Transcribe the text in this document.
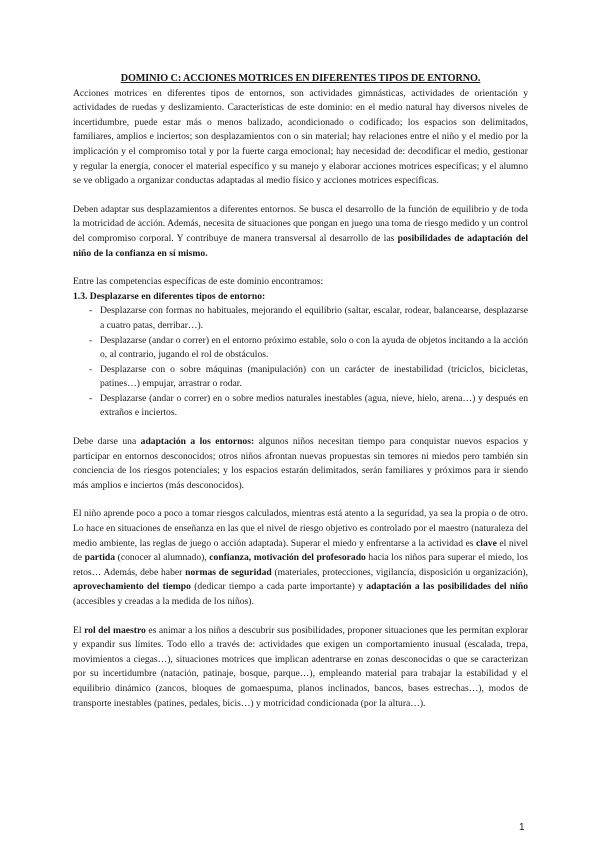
DOMINIO C: ACCIONES MOTRICES EN DIFERENTES TIPOS DE ENTORNO.

Acciones motrices en diferentes tipos de entornos, son actividades gimnásticas, actividades de orientación y actividades de ruedas y deslizamiento. Características de este dominio: en el medio natural hay diversos niveles de incertidumbre, puede estar más o menos balizado, acondicionado o codificado; los espacios son delimitados, familiares, amplios e inciertos; son desplazamientos con o sin material; hay relaciones entre el niño y el medio por la implicación y el compromiso total y por la fuerte carga emocional; hay necesidad de: decodificar el medio, gestionar y regular la energía, conocer el material específico y su manejo y elaborar acciones motrices específicas; y el alumno se ve obligado a organizar conductas adaptadas al medio físico y acciones motrices específicas.

Deben adaptar sus desplazamientos a diferentes entornos. Se busca el desarrollo de la función de equilibrio y de toda la motricidad de acción. Además, necesita de situaciones que pongan en juego una toma de riesgo medido y un control del compromiso corporal. Y contribuye de manera transversal al desarrollo de las posibilidades de adaptación del niño de la confianza en sí mismo.

Entre las competencias específicas de este dominio encontramos:

1.3. Desplazarse en diferentes tipos de entorno:
- Desplazarse con formas no habituales, mejorando el equilibrio (saltar, escalar, rodear, balancearse, desplazarse a cuatro patas, derribar…).
- Desplazarse (andar o correr) en el entorno próximo estable, solo o con la ayuda de objetos incitando a la acción o, al contrario, jugando el rol de obstáculos.
- Desplazarse con o sobre máquinas (manipulación) con un carácter de inestabilidad (triciclos, bicicletas, patines…) empujar, arrastrar o rodar.
- Desplazarse (andar o correr) en o sobre medios naturales inestables (agua, nieve, hielo, arena…) y después en extraños e inciertos.

Debe darse una adaptación a los entornos: algunos niños necesitan tiempo para conquistar nuevos espacios y participar en entornos desconocidos; otros niños afrontan nuevas propuestas sin temores ni miedos pero también sin conciencia de los riesgos potenciales; y los espacios estarán delimitados, serán familiares y próximos para ir siendo más amplios e inciertos (más desconocidos).

El niño aprende poco a poco a tomar riesgos calculados, mientras está atento a la seguridad, ya sea la propia o de otro. Lo hace en situaciones de enseñanza en las que el nivel de riesgo objetivo es controlado por el maestro (naturaleza del medio ambiente, las reglas de juego o acción adaptada). Superar el miedo y enfrentarse a la actividad es clave el nivel de partida (conocer al alumnado), confianza, motivación del profesorado hacia los niños para superar el miedo, los retos… Además, debe haber normas de seguridad (materiales, protecciones, vigilancia, disposición u organización), aprovechamiento del tiempo (dedicar tiempo a cada parte importante) y adaptación a las posibilidades del niño (accesibles y creadas a la medida de los niños).

El rol del maestro es animar a los niños a descubrir sus posibilidades, proponer situaciones que les permitan explorar y expandir sus límites. Todo ello a través de: actividades que exigen un comportamiento inusual (escalada, trepa, movimientos a ciegas…), situaciones motrices que implican adentrarse en zonas desconocidas o que se caracterizan por su incertidumbre (natación, patinaje, bosque, parque…), empleando material para trabajar la estabilidad y el equilibrio dinámico (zancos, bloques de gomaespuma, planos inclinados, bancos, bases estrechas…), modos de transporte inestables (patines, pedales, bicis…) y motricidad condicionada (por la altura…).

1
